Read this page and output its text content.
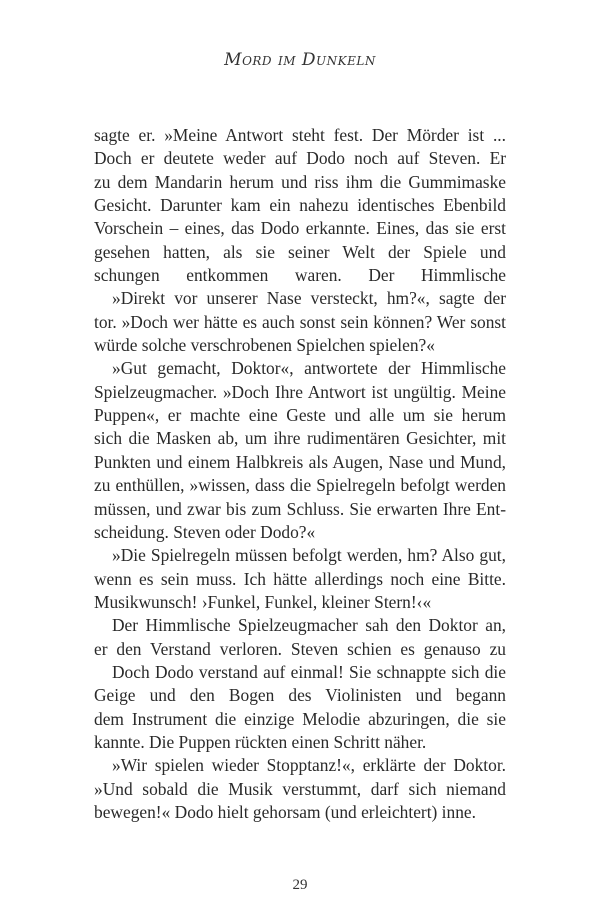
Mord im Dunkeln
sagte er. »Meine Antwort steht fest. Der Mörder ist ...
Doch er deutete weder auf Dodo noch auf Steven. Er
zu dem Mandarin herum und riss ihm die Gummimaske
Gesicht. Darunter kam ein nahezu identisches Ebenbild
Vorschein – eines, das Dodo erkannte. Eines, das sie erst
gesehen hatten, als sie seiner Welt der Spiele und
schungen entkommen waren. Der Himmlische
»Direkt vor unserer Nase versteckt, hm?«, sagte der
tor. »Doch wer hätte es auch sonst sein können? Wer sonst
würde solche verschrobenen Spielchen spielen?«
»Gut gemacht, Doktor«, antwortete der Himmlische
Spielzeugmacher. »Doch Ihre Antwort ist ungültig. Meine
Puppen«, er machte eine Geste und alle um sie herum
sich die Masken ab, um ihre rudimentären Gesichter, mit
Punkten und einem Halbkreis als Augen, Nase und Mund,
zu enthüllen, »wissen, dass die Spielregeln befolgt werden
müssen, und zwar bis zum Schluss. Sie erwarten Ihre Ent-
scheidung. Steven oder Dodo?«
»Die Spielregeln müssen befolgt werden, hm? Also gut,
wenn es sein muss. Ich hätte allerdings noch eine Bitte.
Musikwunsch! ›Funkel, Funkel, kleiner Stern!‹«
Der Himmlische Spielzeugmacher sah den Doktor an,
er den Verstand verloren. Steven schien es genauso zu
Doch Dodo verstand auf einmal! Sie schnappte sich die
Geige und den Bogen des Violinisten und begann
dem Instrument die einzige Melodie abzuringen, die sie
kannte. Die Puppen rückten einen Schritt näher.
»Wir spielen wieder Stopptanz!«, erklärte der Doktor.
»Und sobald die Musik verstummt, darf sich niemand
bewegen!« Dodo hielt gehorsam (und erleichtert) inne.
29
